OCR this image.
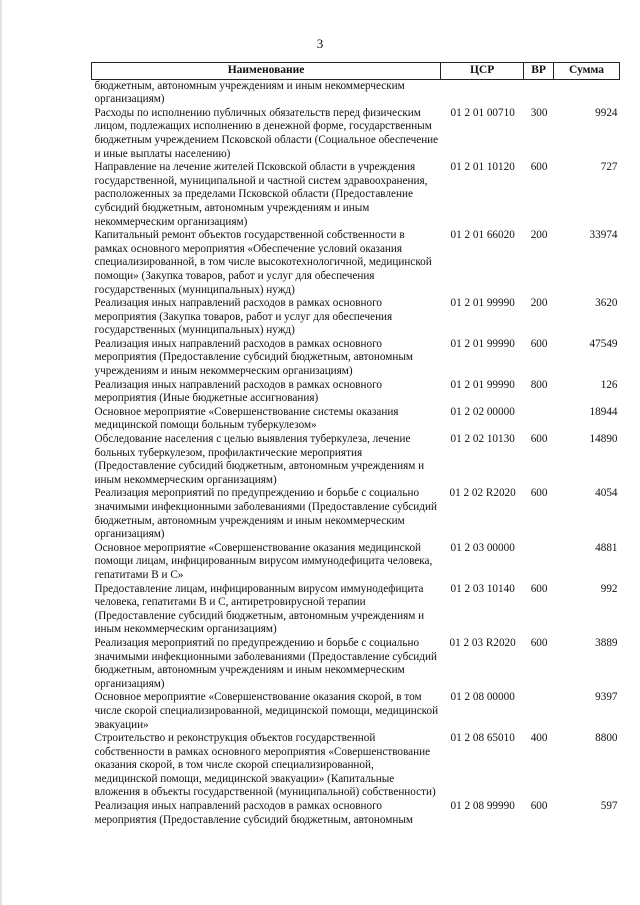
3
Наименование	ЦСР	ВР	Сумма
бюджетным, автономным учреждениям и иным некоммерческим организациям)			
Расходы по исполнению публичных обязательств перед физическим лицом, подлежащих исполнению в денежной форме, государственным бюджетным учреждением Псковской области (Социальное обеспечение и иные выплаты населению)	01 2 01 00710	300	9924
Направление на лечение жителей Псковской области в учреждения государственной, муниципальной и частной систем здравоохранения, расположенных за пределами Псковской области (Предоставление субсидий бюджетным, автономным учреждениям и иным некоммерческим организациям)	01 2 01 10120	600	727
Капитальный ремонт объектов государственной собственности в рамках основного мероприятия «Обеспечение условий оказания специализированной, в том числе высокотехнологичной, медицинской помощи» (Закупка товаров, работ и услуг для обеспечения государственных (муниципальных) нужд)	01 2 01 66020	200	33974
Реализация иных направлений расходов в рамках основного мероприятия (Закупка товаров, работ и услуг для обеспечения государственных (муниципальных) нужд)	01 2 01 99990	200	3620
Реализация иных направлений расходов в рамках основного мероприятия (Предоставление субсидий бюджетным, автономным учреждениям и иным некоммерческим организациям)	01 2 01 99990	600	47549
Реализация иных направлений расходов в рамках основного мероприятия (Иные бюджетные ассигнования)	01 2 01 99990	800	126
Основное мероприятие «Совершенствование системы оказания медицинской помощи больным туберкулезом»	01 2 02 00000		18944
Обследование населения с целью выявления туберкулеза, лечение больных туберкулезом, профилактические мероприятия (Предоставление субсидий бюджетным, автономным учреждениям и иным некоммерческим организациям)	01 2 02 10130	600	14890
Реализация мероприятий по предупреждению и борьбе с социально значимыми инфекционными заболеваниями (Предоставление субсидий бюджетным, автономным учреждениям и иным некоммерческим организациям)	01 2 02 R2020	600	4054
Основное мероприятие «Совершенствование оказания медицинской помощи лицам, инфицированным вирусом иммунодефицита человека, гепатитами В и С»	01 2 03 00000		4881
Предоставление лицам, инфицированным вирусом иммунодефицита человека, гепатитами В и С, антиретровирусной терапии (Предоставление субсидий бюджетным, автономным учреждениям и иным некоммерческим организациям)	01 2 03 10140	600	992
Реализация мероприятий по предупреждению и борьбе с социально значимыми инфекционными заболеваниями (Предоставление субсидий бюджетным, автономным учреждениям и иным некоммерческим организациям)	01 2 03 R2020	600	3889
Основное мероприятие «Совершенствование оказания скорой, в том числе скорой специализированной, медицинской помощи, медицинской эвакуации»	01 2 08 00000		9397
Строительство и реконструкция объектов государственной собственности в рамках основного мероприятия «Совершенствование оказания скорой, в том числе скорой специализированной, медицинской помощи, медицинской эвакуации» (Капитальные вложения в объекты государственной (муниципальной) собственности)	01 2 08 65010	400	8800
Реализация иных направлений расходов в рамках основного мероприятия (Предоставление субсидий бюджетным, автономным	01 2 08 99990	600	597
